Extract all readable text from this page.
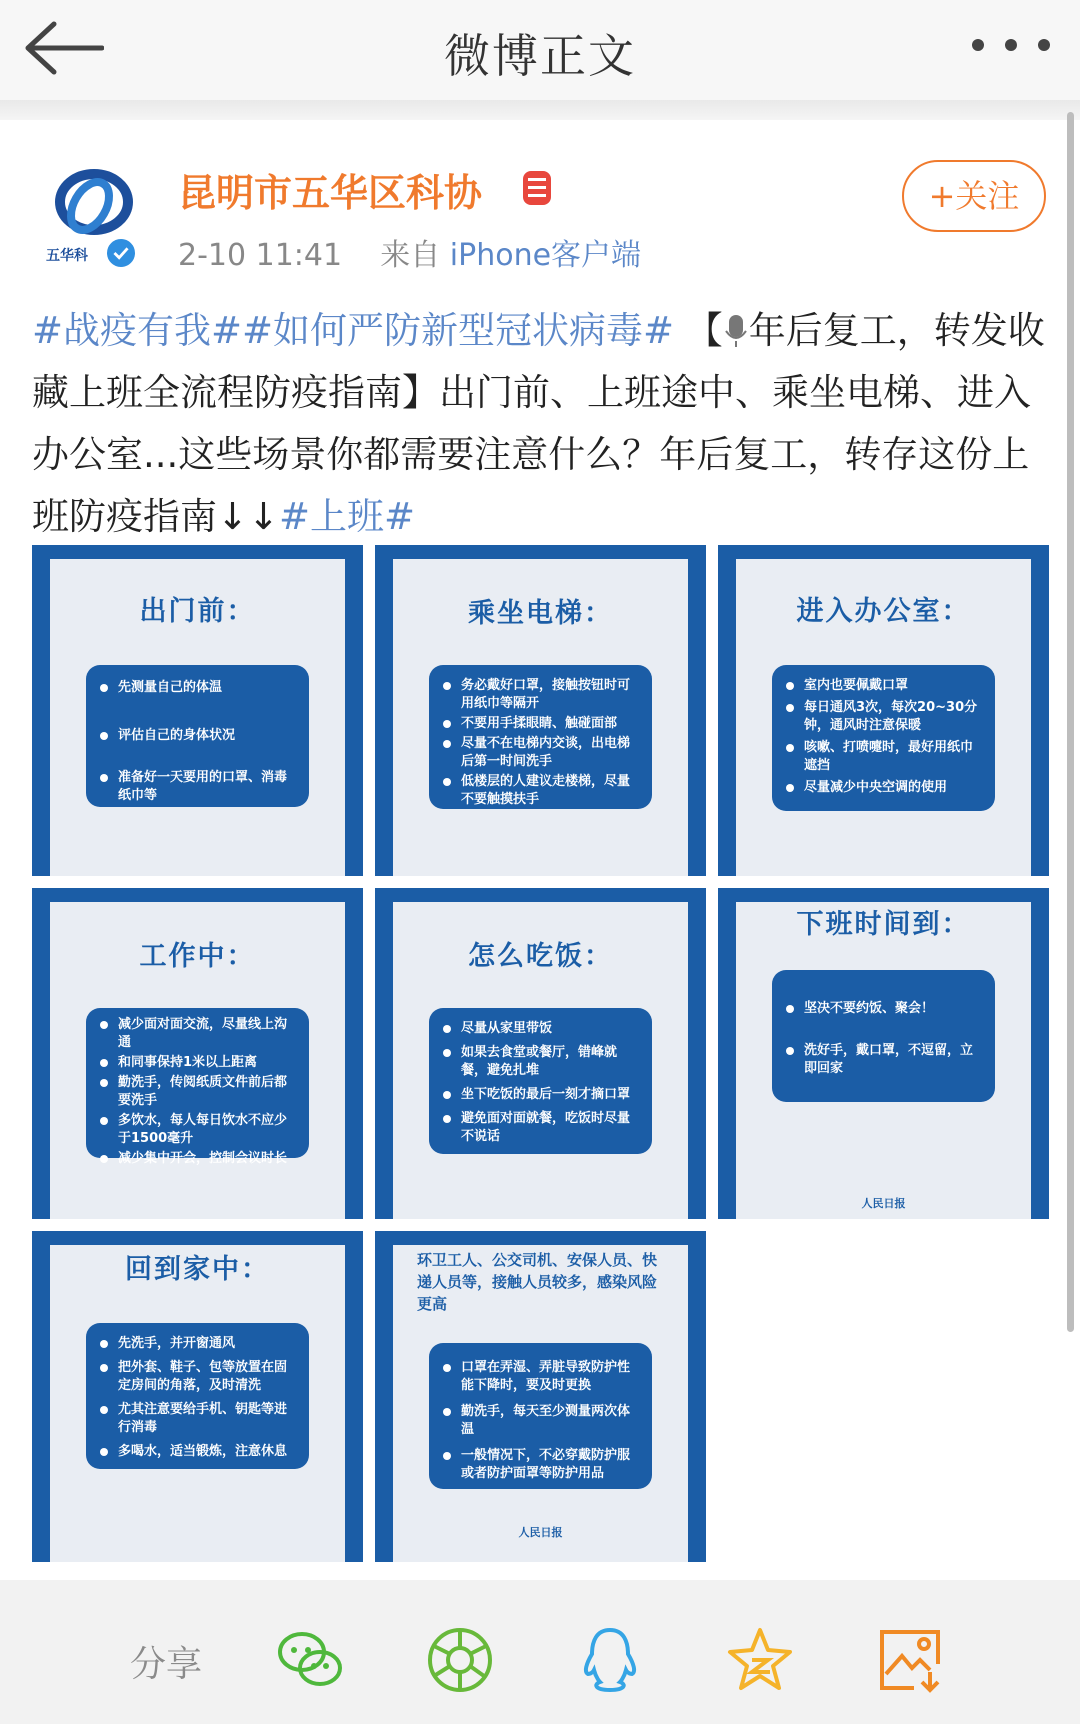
微博正文
五华科
昆明市五华区科协
2-10 11:41 来自 iPhone客户端
+关注
#战疫有我##如何严防新型冠状病毒# 【 年后复工，转发收藏上班全流程防疫指南】出门前、上班途中、乘坐电梯、进入办公室...这些场景你都需要注意什么？年后复工，转存这份上班防疫指南↓↓#上班#
出门前：
先测量自己的体温
评估自己的身体状况
准备好一天要用的口罩、消毒纸巾等
乘坐电梯：
务必戴好口罩，接触按钮时可用纸巾等隔开
不要用手揉眼睛、触碰面部
尽量不在电梯内交谈，出电梯后第一时间洗手
低楼层的人建议走楼梯，尽量不要触摸扶手
进入办公室：
室内也要佩戴口罩
每日通风3次，每次20~30分钟，通风时注意保暖
咳嗽、打喷嚏时，最好用纸巾遮挡
尽量减少中央空调的使用
工作中：
减少面对面交流，尽量线上沟通
和同事保持1米以上距离
勤洗手，传阅纸质文件前后都要洗手
多饮水，每人每日饮水不应少于1500毫升
减少集中开会，控制会议时长
怎么吃饭：
尽量从家里带饭
如果去食堂或餐厅，错峰就餐，避免扎堆
坐下吃饭的最后一刻才摘口罩
避免面对面就餐，吃饭时尽量不说话
下班时间到：
坚决不要约饭、聚会！
洗好手，戴口罩，不逗留，立即回家
人民日报
回到家中：
先洗手，并开窗通风
把外套、鞋子、包等放置在固定房间的角落，及时清洗
尤其注意要给手机、钥匙等进行消毒
多喝水，适当锻炼，注意休息
环卫工人、公交司机、安保人员、快递人员等，接触人员较多，感染风险更高
口罩在弄湿、弄脏导致防护性能下降时，要及时更换
勤洗手，每天至少测量两次体温
一般情况下，不必穿戴防护服或者防护面罩等防护用品
人民日报
分享
